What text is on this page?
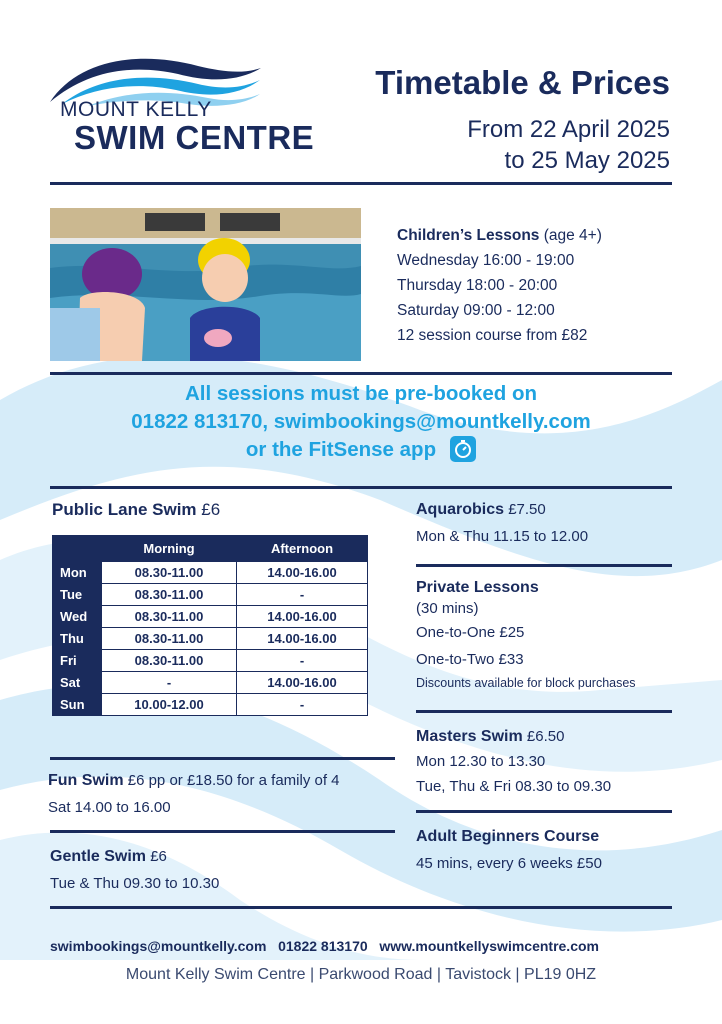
MOUNT KELLY
SWIM CENTRE
Timetable & Prices
From 22 April 2025
to 25 May 2025
Children’s Lessons (age 4+)
Wednesday 16:00 - 19:00
Thursday 18:00 - 20:00
Saturday 09:00 - 12:00
12 session course from £82
All sessions must be pre-booked on
01822 813170, swimbookings@mountkelly.com
or the FitSense app
Public Lane Swim £6
	Morning	Afternoon
Mon	08.30-11.00	14.00-16.00
Tue	08.30-11.00	-
Wed	08.30-11.00	14.00-16.00
Thu	08.30-11.00	14.00-16.00
Fri	08.30-11.00	-
Sat	-	14.00-16.00
Sun	10.00-12.00	-
Fun Swim £6 pp or £18.50 for a family of 4
Sat 14.00 to 16.00
Gentle Swim £6
Tue & Thu 09.30 to 10.30
Aquarobics £7.50
Mon & Thu 11.15 to 12.00
Private Lessons
(30 mins)
One-to-One £25
One-to-Two £33
Discounts available for block purchases
Masters Swim £6.50
Mon 12.30 to 13.30
Tue, Thu & Fri 08.30 to 09.30
Adult Beginners Course
45 mins, every 6 weeks £50
swimbookings@mountkelly.com 01822 813170 www.mountkellyswimcentre.com
Mount Kelly Swim Centre | Parkwood Road | Tavistock | PL19 0HZ
